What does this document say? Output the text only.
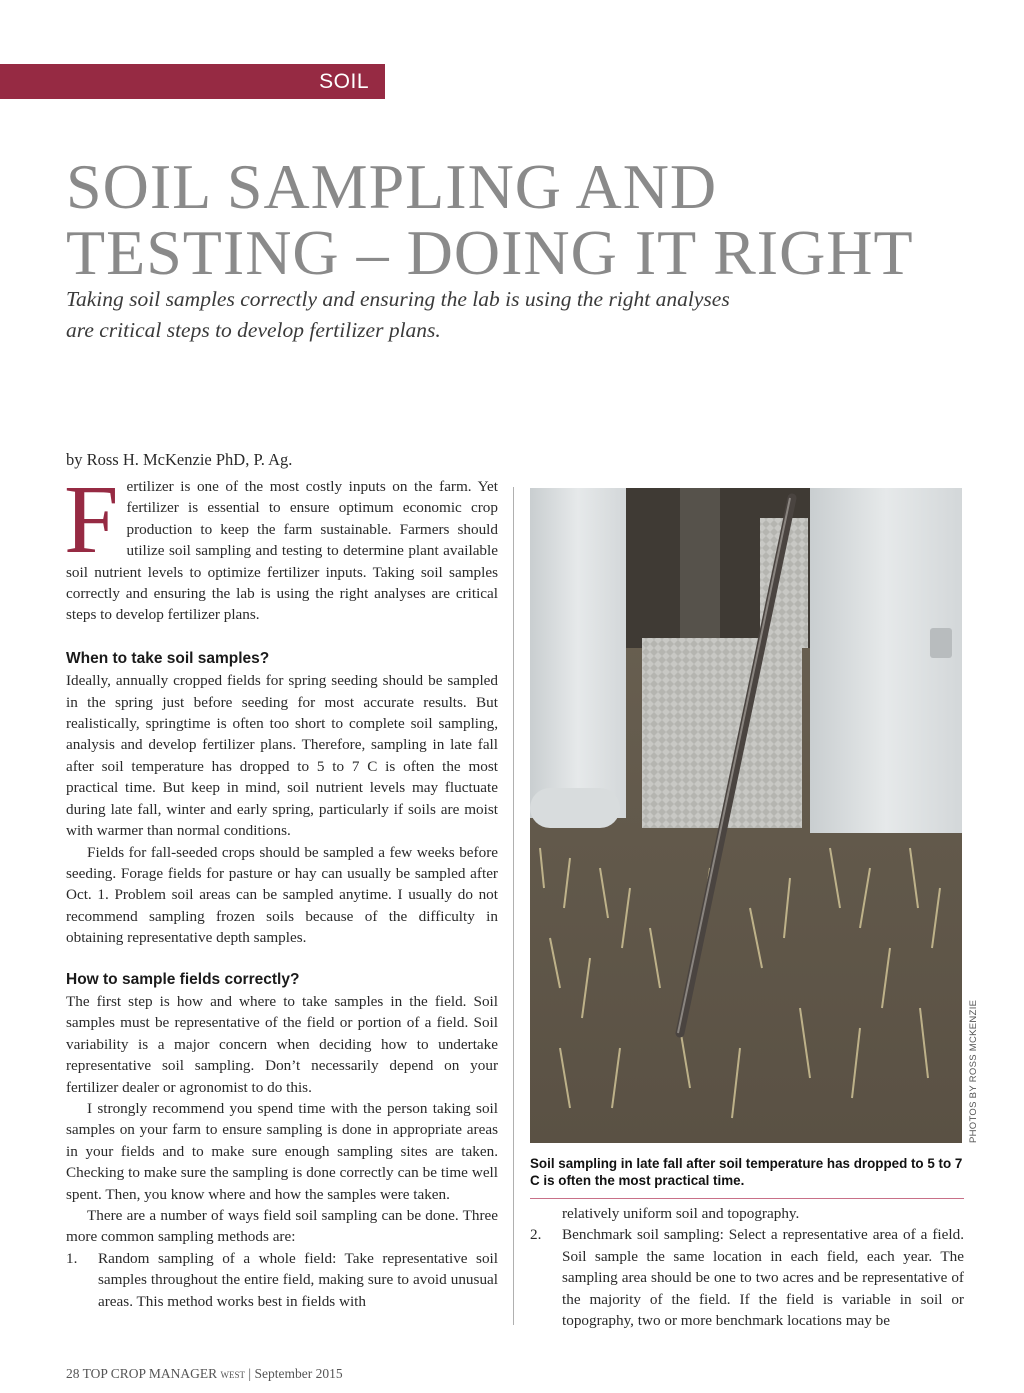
SOIL
SOIL SAMPLING AND
TESTING – DOING IT RIGHT

Taking soil samples correctly and ensuring the lab is using the right analyses
are critical steps to develop fertilizer plans.

by Ross H. McKenzie PhD, P. Ag.

Fertilizer is one of the most costly inputs on the farm. Yet fertilizer is essential to ensure optimum economic crop production to keep the farm sustainable. Farmers should utilize soil sampling and testing to determine plant available soil nutrient levels to optimize fertilizer inputs. Taking soil samples correctly and ensuring the lab is using the right analyses are critical steps to develop fertilizer plans.

When to take soil samples?

Ideally, annually cropped fields for spring seeding should be sampled in the spring just before seeding for most accurate results. But realistically, springtime is often too short to complete soil sampling, analysis and develop fertilizer plans. Therefore, sampling in late fall after soil temperature has dropped to 5 to 7 C is often the most practical time. But keep in mind, soil nutrient levels may fluctuate during late fall, winter and early spring, particularly if soils are moist with warmer than normal conditions.

Fields for fall-seeded crops should be sampled a few weeks before seeding. Forage fields for pasture or hay can usually be sampled after Oct. 1. Problem soil areas can be sampled anytime. I usually do not recommend sampling frozen soils because of the difficulty in obtaining representative depth samples.

How to sample fields correctly?

The first step is how and where to take samples in the field. Soil samples must be representative of the field or portion of a field. Soil variability is a major concern when deciding how to undertake representative soil sampling. Don’t necessarily depend on your fertilizer dealer or agronomist to do this.

I strongly recommend you spend time with the person taking soil samples on your farm to ensure sampling is done in appropriate areas in your fields and to make sure enough sampling sites are taken. Checking to make sure the sampling is done correctly can be time well spent. Then, you know where and how the samples were taken.

There are a number of ways field soil sampling can be done. Three more common sampling methods are:

1. Random sampling of a whole field: Take representative soil samples throughout the entire field, making sure to avoid unusual areas. This method works best in fields with
PHOTOS BY ROSS MCKENZIE

Soil sampling in late fall after soil temperature has dropped to 5 to 7 C is often the most practical time.

relatively uniform soil and topography.

2. Benchmark soil sampling: Select a representative area of a field. Soil sample the same location in each field, each year. The sampling area should be one to two acres and be representative of the majority of the field. If the field is variable in soil or topography, two or more benchmark locations may be
28 TOP CROP MANAGER WEST | September 2015
